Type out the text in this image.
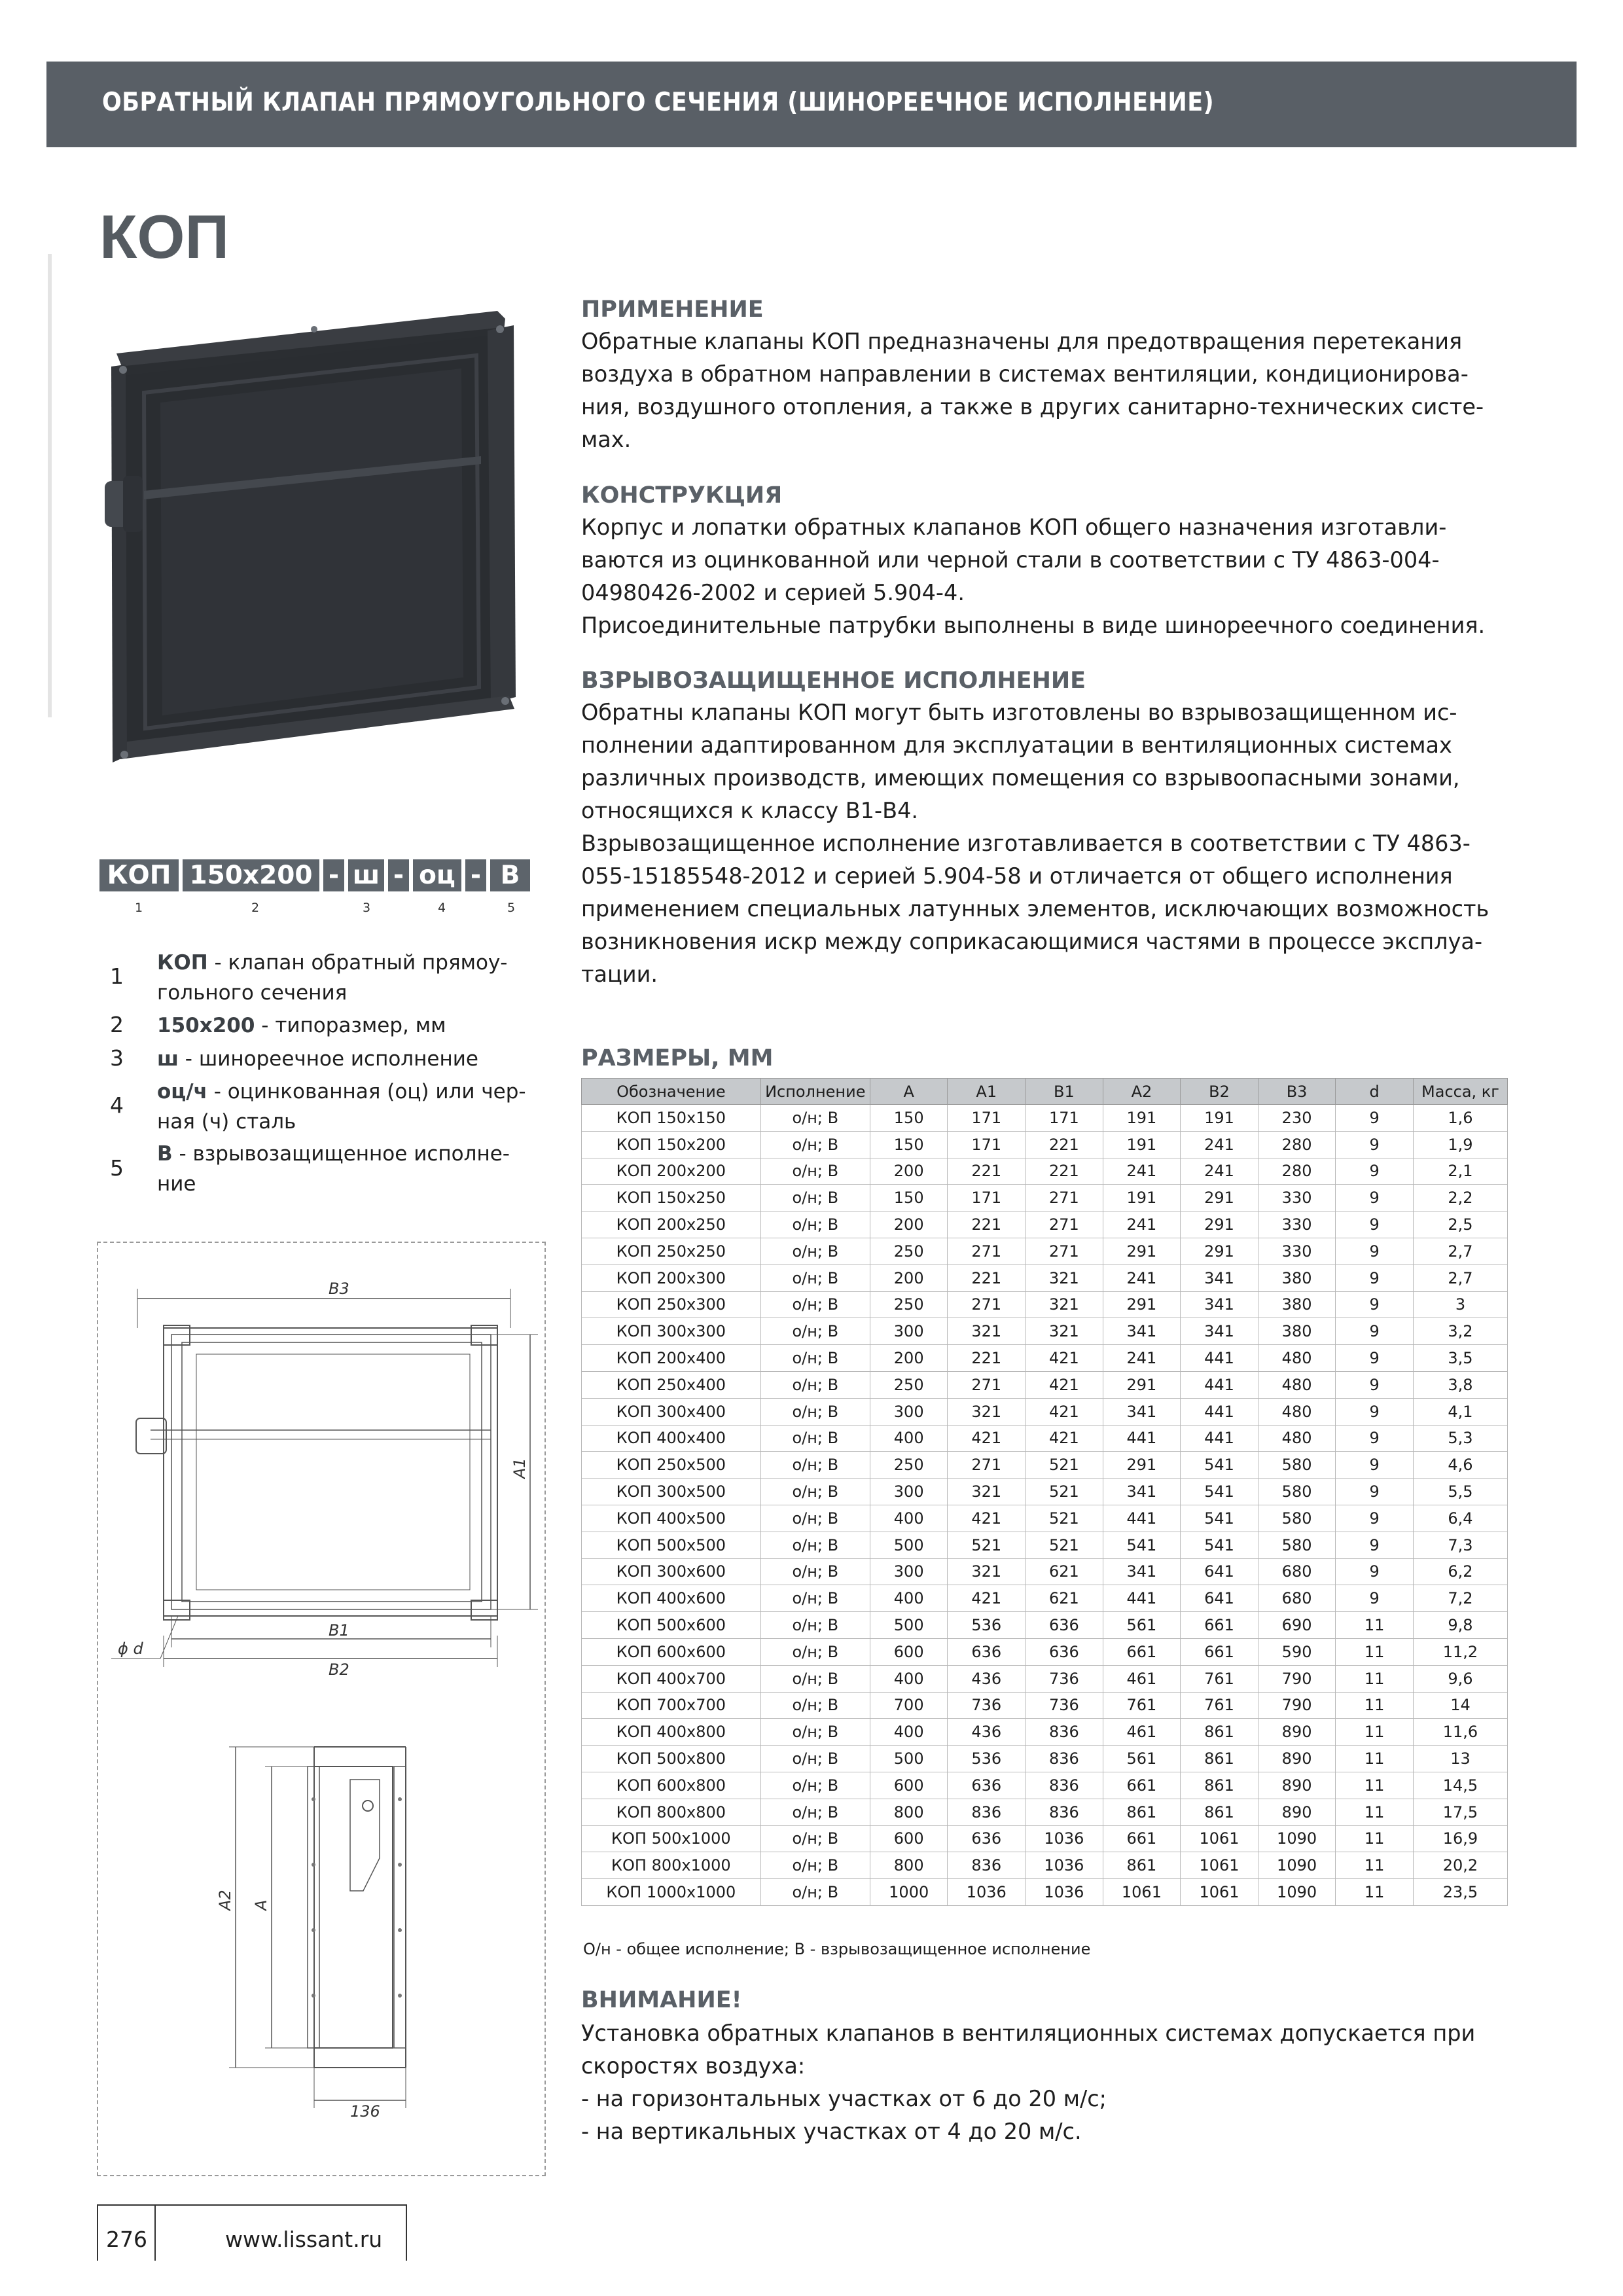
ОБРАТНЫЙ КЛАПАН ПРЯМОУГОЛЬНОГО СЕЧЕНИЯ (ШИНОРЕЕЧНОЕ ИСПОЛНЕНИЕ)
КОП
КОП 150х200 - ш - оц - В
1	2	3	4	5
1
КОП - клапан обратный прямоу-
гольного сечения
2 150х200 - типоразмер, мм
3 ш - шинореечное исполнение
4
оц/ч - оцинкованная (оц) или чер-
ная (ч) сталь
5
В - взрывозащищенное исполне-
ние
В3
А1
ϕ d
В1
В2
А2 А
136
ПРИМЕНЕНИЕ
Обратные клапаны КОП предназначены для предотвращения перетекания
воздуха в обратном направлении в системах вентиляции, кондиционирова-
ния, воздушного отопления, а также в других санитарно-технических систе-
мах.
КОНСТРУКЦИЯ
Корпус и лопатки обратных клапанов КОП общего назначения изготавли-
ваются из оцинкованной или черной стали в соответствии с ТУ 4863-004-
04980426-2002 и серией 5.904-4.
Присоединительные патрубки выполнены в виде шинореечного соединения.
ВЗРЫВОЗАЩИЩЕННОЕ ИСПОЛНЕНИЕ
Обратны клапаны КОП могут быть изготовлены во взрывозащищенном ис-
полнении адаптированном для эксплуатации в вентиляционных системах
различных производств, имеющих помещения со взрывоопасными зонами,
относящихся к классу В1-В4.
Взрывозащищенное исполнение изготавливается в соответствии с ТУ 4863-
055-15185548-2012 и серией 5.904-58 и отличается от общего исполнения
применением специальных латунных элементов, исключающих возможность
возникновения искр между соприкасающимися частями в процессе эксплуа-
тации.
РАЗМЕРЫ, ММ
Обозначение	Исполнение	А	А1	В1	А2	В2	В3	d	Масса, кг
КОП 150х150	о/н; В	150	171	171	191	191	230	9	1,6
КОП 150х200	о/н; В	150	171	221	191	241	280	9	1,9
КОП 200х200	о/н; В	200	221	221	241	241	280	9	2,1
КОП 150х250	о/н; В	150	171	271	191	291	330	9	2,2
КОП 200х250	о/н; В	200	221	271	241	291	330	9	2,5
КОП 250х250	о/н; В	250	271	271	291	291	330	9	2,7
КОП 200х300	о/н; В	200	221	321	241	341	380	9	2,7
КОП 250х300	о/н; В	250	271	321	291	341	380	9	3
КОП 300х300	о/н; В	300	321	321	341	341	380	9	3,2
КОП 200х400	о/н; В	200	221	421	241	441	480	9	3,5
КОП 250х400	о/н; В	250	271	421	291	441	480	9	3,8
КОП 300х400	о/н; В	300	321	421	341	441	480	9	4,1
КОП 400х400	о/н; В	400	421	421	441	441	480	9	5,3
КОП 250х500	о/н; В	250	271	521	291	541	580	9	4,6
КОП 300х500	о/н; В	300	321	521	341	541	580	9	5,5
КОП 400х500	о/н; В	400	421	521	441	541	580	9	6,4
КОП 500х500	о/н; В	500	521	521	541	541	580	9	7,3
КОП 300х600	о/н; В	300	321	621	341	641	680	9	6,2
КОП 400х600	о/н; В	400	421	621	441	641	680	9	7,2
КОП 500х600	о/н; В	500	536	636	561	661	690	11	9,8
КОП 600х600	о/н; В	600	636	636	661	661	590	11	11,2
КОП 400х700	о/н; В	400	436	736	461	761	790	11	9,6
КОП 700х700	о/н; В	700	736	736	761	761	790	11	14
КОП 400х800	о/н; В	400	436	836	461	861	890	11	11,6
КОП 500х800	о/н; В	500	536	836	561	861	890	11	13
КОП 600х800	о/н; В	600	636	836	661	861	890	11	14,5
КОП 800х800	о/н; В	800	836	836	861	861	890	11	17,5
КОП 500х1000	о/н; В	600	636	1036	661	1061	1090	11	16,9
КОП 800х1000	о/н; В	800	836	1036	861	1061	1090	11	20,2
КОП 1000х1000	о/н; В	1000	1036	1036	1061	1061	1090	11	23,5
О/н - общее исполнение; В - взрывозащищенное исполнение
ВНИМАНИЕ!
Установка обратных клапанов в вентиляционных системах допускается при
скоростях воздуха:
- на горизонтальных участках от 6 до 20 м/с;
- на вертикальных участках от 4 до 20 м/с.
276	www.lissant.ru
